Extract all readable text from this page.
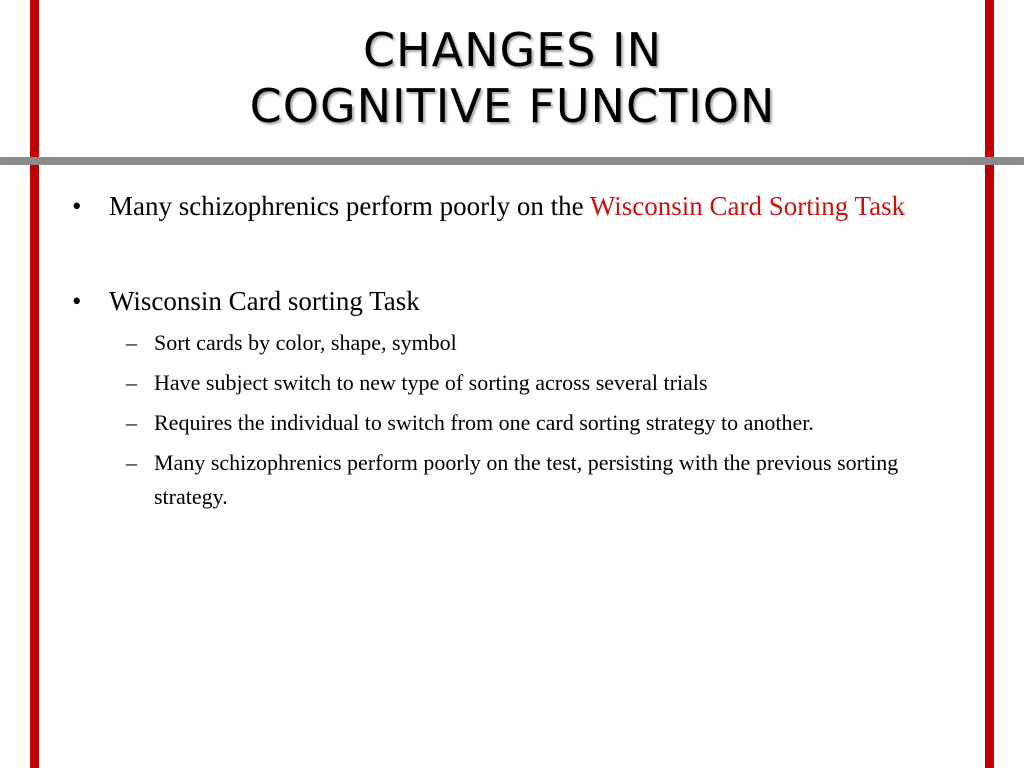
CHANGES IN
COGNITIVE FUNCTION
•	Many schizophrenics perform poorly on the Wisconsin Card Sorting Task
•	Wisconsin Card sorting Task
– Sort cards by color, shape, symbol
– Have subject switch to new type of sorting across several trials
– Requires the individual to switch from one card sorting strategy to another.
– Many schizophrenics perform poorly on the test, persisting with the previous sorting strategy.
